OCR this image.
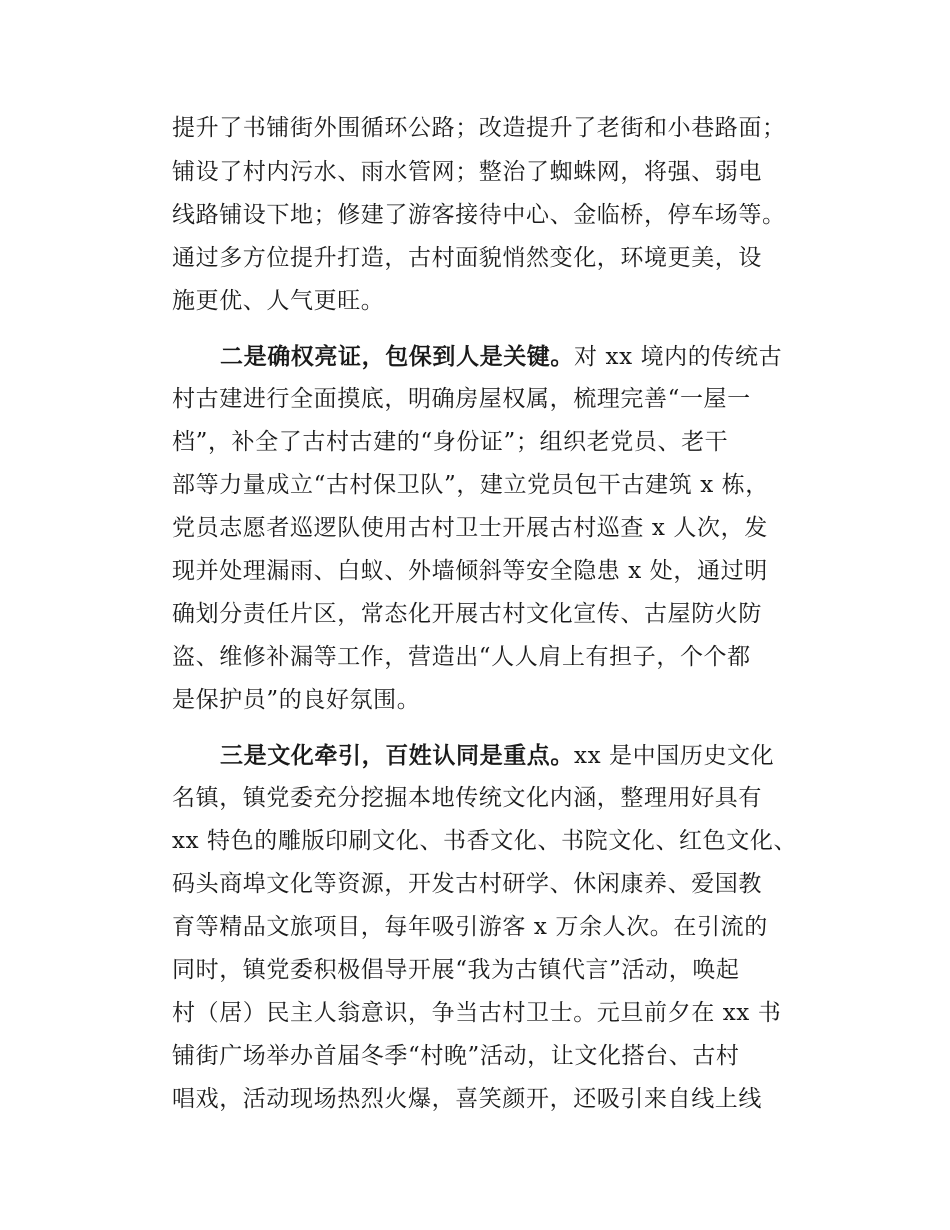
提升了书铺街外围循环公路；改造提升了老街和小巷路面；
铺设了村内污水、雨水管网；整治了蜘蛛网，将强、弱电
线路铺设下地；修建了游客接待中心、金临桥，停车场等。
通过多方位提升打造，古村面貌悄然变化，环境更美，设
施更优、人气更旺。
二是确权亮证，包保到人是关键。对 xx 境内的传统古
村古建进行全面摸底，明确房屋权属，梳理完善“一屋一
档”，补全了古村古建的“身份证”；组织老党员、老干
部等力量成立“古村保卫队”，建立党员包干古建筑 x 栋，
党员志愿者巡逻队使用古村卫士开展古村巡查 x 人次，发
现并处理漏雨、白蚁、外墙倾斜等安全隐患 x 处，通过明
确划分责任片区，常态化开展古村文化宣传、古屋防火防
盗、维修补漏等工作，营造出“人人肩上有担子，个个都
是保护员”的良好氛围。
三是文化牵引，百姓认同是重点。xx 是中国历史文化
名镇，镇党委充分挖掘本地传统文化内涵，整理用好具有
xx 特色的雕版印刷文化、书香文化、书院文化、红色文化、
码头商埠文化等资源，开发古村研学、休闲康养、爱国教
育等精品文旅项目，每年吸引游客 x 万余人次。在引流的
同时，镇党委积极倡导开展“我为古镇代言”活动，唤起
村（居）民主人翁意识，争当古村卫士。元旦前夕在 xx 书
铺街广场举办首届冬季“村晚”活动，让文化搭台、古村
唱戏，活动现场热烈火爆，喜笑颜开，还吸引来自线上线
